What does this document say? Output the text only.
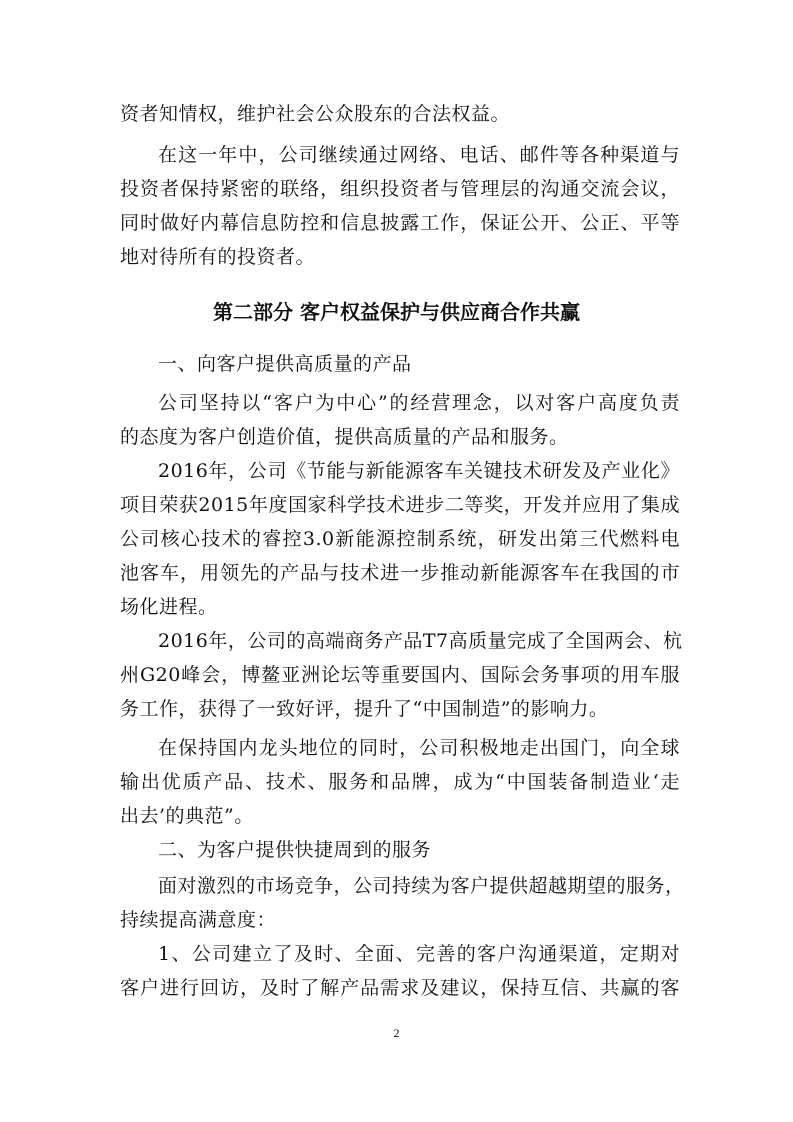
资者知情权，维护社会公众股东的合法权益。
在这一年中，公司继续通过网络、电话、邮件等各种渠道与
投资者保持紧密的联络，组织投资者与管理层的沟通交流会议，
同时做好内幕信息防控和信息披露工作，保证公开、公正、平等
地对待所有的投资者。
第二部分 客户权益保护与供应商合作共赢
一、向客户提供高质量的产品
公司坚持以“客户为中心”的经营理念，以对客户高度负责
的态度为客户创造价值，提供高质量的产品和服务。
2016年，公司《节能与新能源客车关键技术研发及产业化》
项目荣获2015年度国家科学技术进步二等奖，开发并应用了集成
公司核心技术的睿控3.0新能源控制系统，研发出第三代燃料电
池客车，用领先的产品与技术进一步推动新能源客车在我国的市
场化进程。
2016年，公司的高端商务产品T7高质量完成了全国两会、杭
州G20峰会，博鳌亚洲论坛等重要国内、国际会务事项的用车服
务工作，获得了一致好评，提升了“中国制造”的影响力。
在保持国内龙头地位的同时，公司积极地走出国门，向全球
输出优质产品、技术、服务和品牌，成为“中国装备制造业‘走
出去’的典范”。
二、为客户提供快捷周到的服务
面对激烈的市场竞争，公司持续为客户提供超越期望的服务，
持续提高满意度：
1、公司建立了及时、全面、完善的客户沟通渠道，定期对
客户进行回访，及时了解产品需求及建议，保持互信、共赢的客
2
